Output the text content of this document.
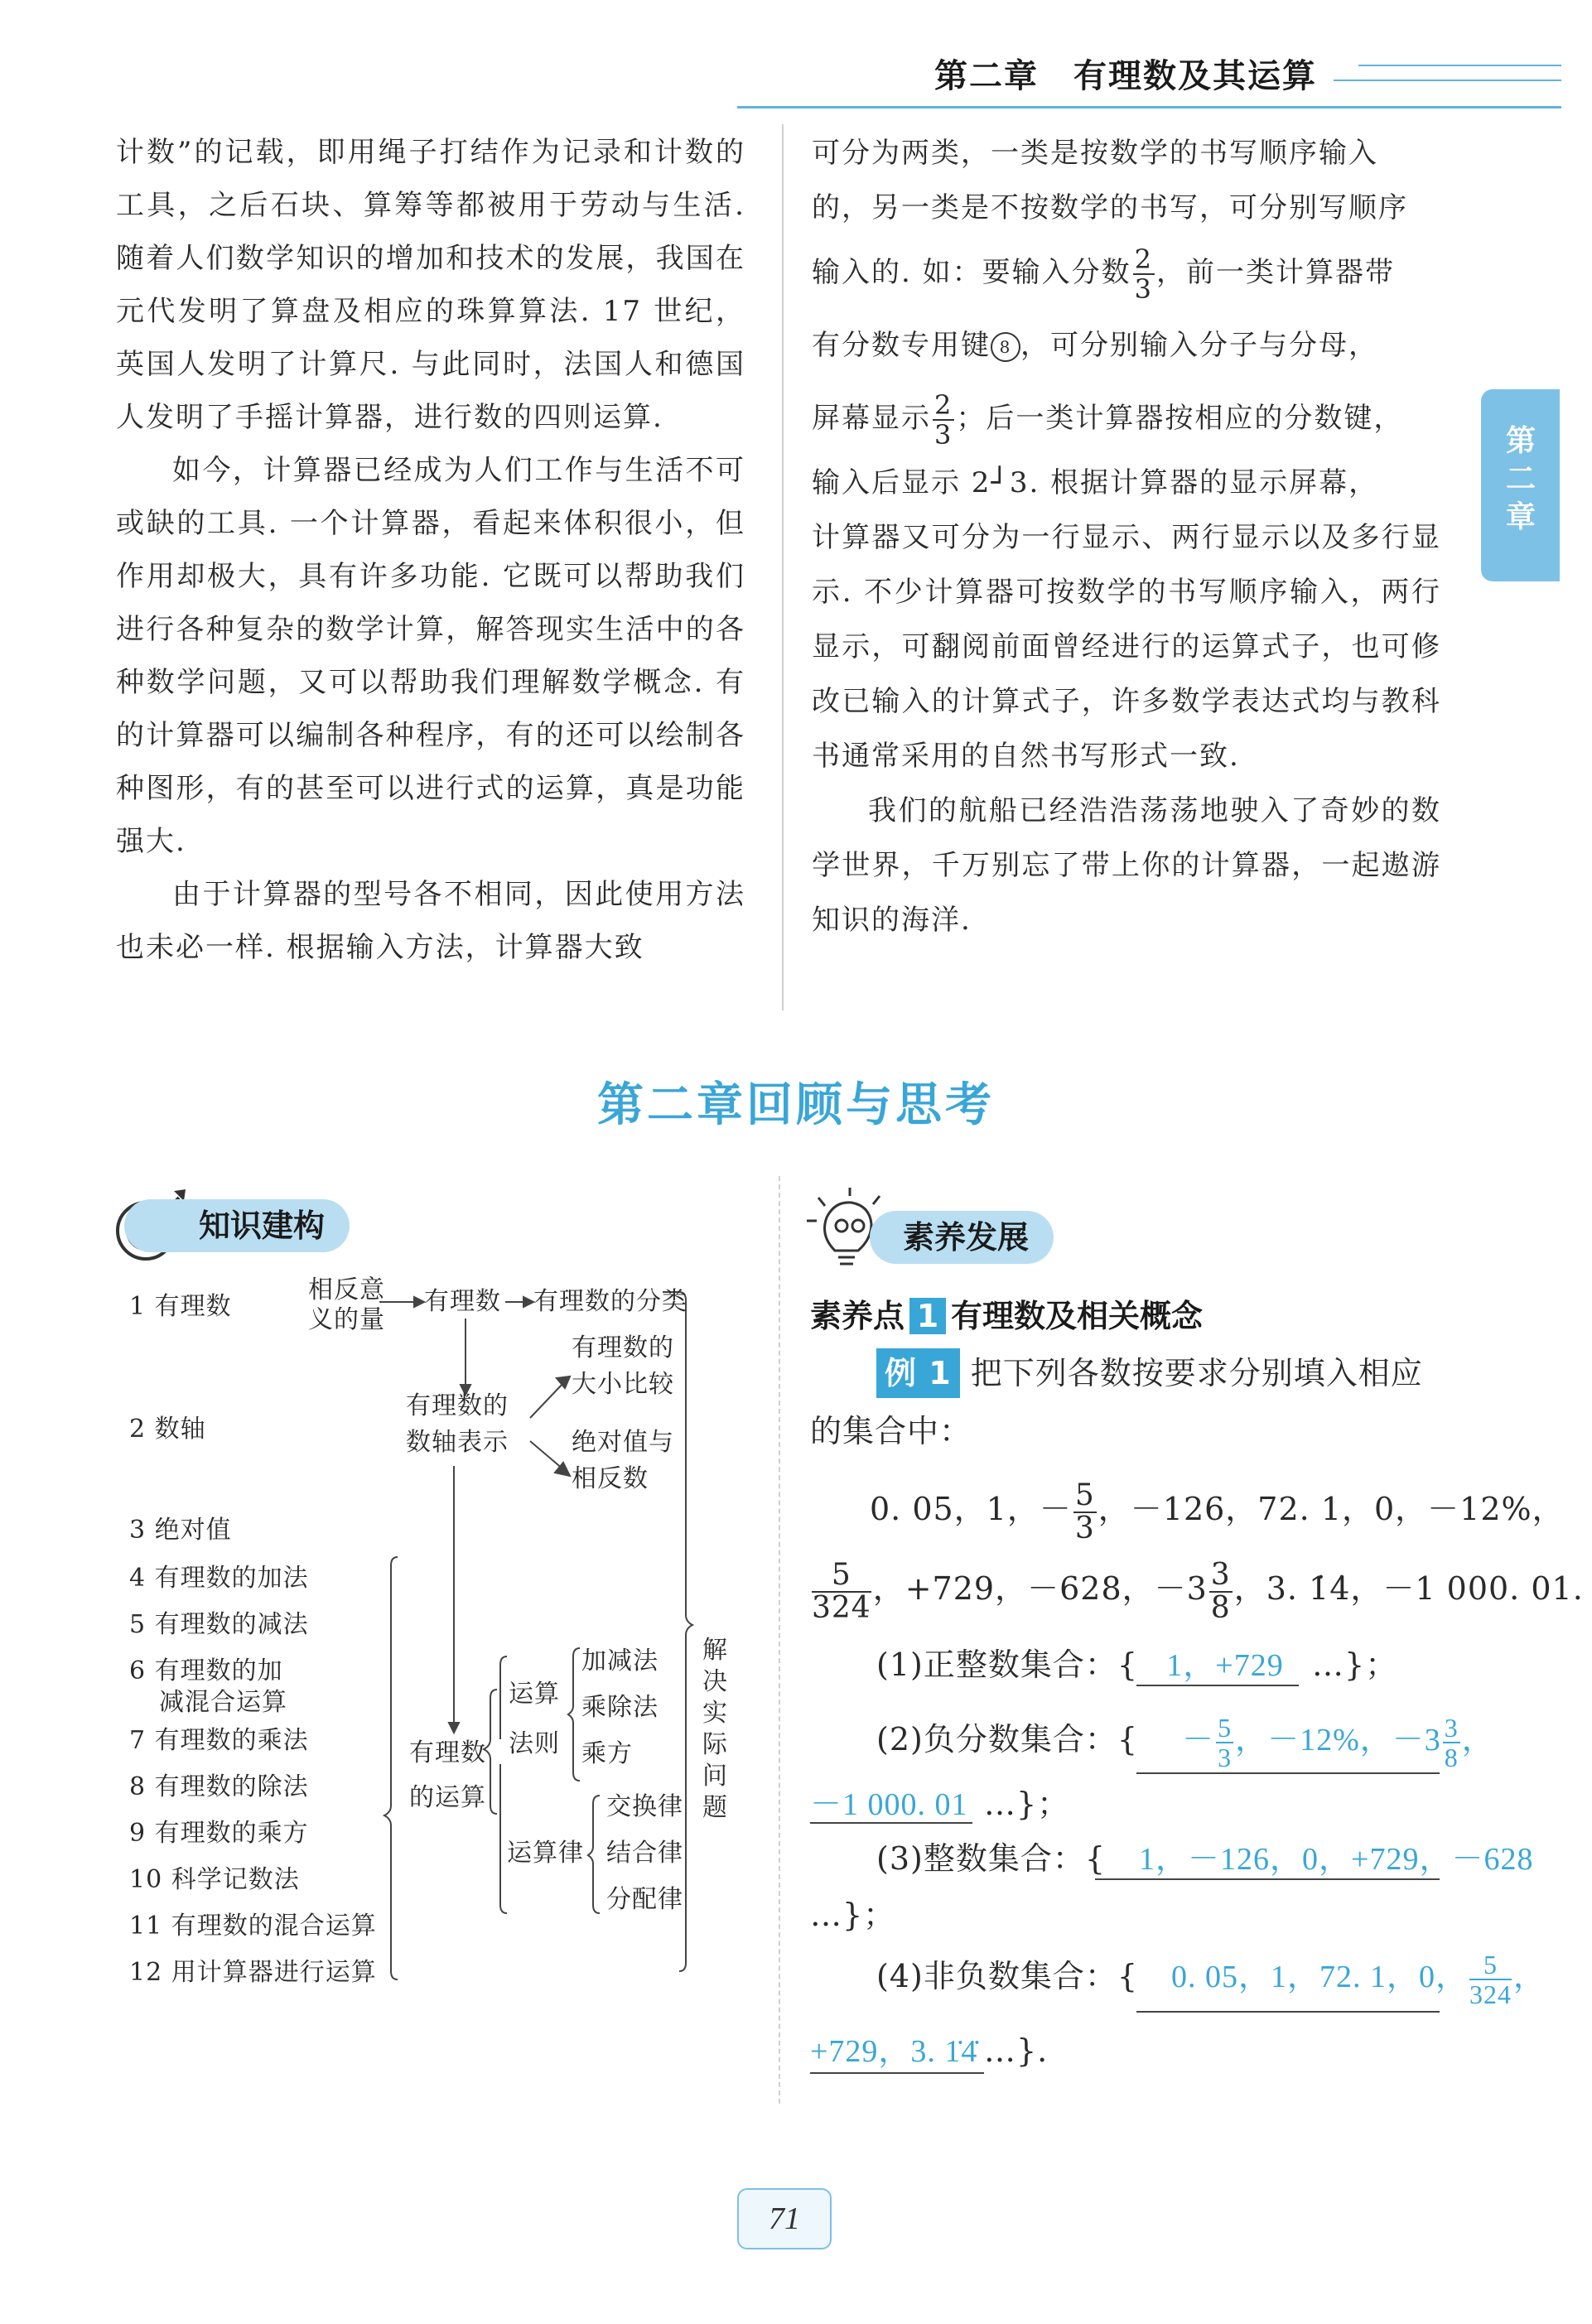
第二章　有理数及其运算
第二章

计数”的记载，即用绳子打结作为记录和计数的工具，之后石块、算筹等都被用于劳动与生活. 随着人们数学知识的增加和技术的发展，我国在元代发明了算盘及相应的珠算算法. 17 世纪，英国人发明了计算尺. 与此同时，法国人和德国人发明了手摇计算器，进行数的四则运算.

如今，计算器已经成为人们工作与生活不可或缺的工具. 一个计算器，看起来体积很小，但作用却极大，具有许多功能. 它既可以帮助我们进行各种复杂的数学计算，解答现实生活中的各种数学问题，又可以帮助我们理解数学概念. 有的计算器可以编制各种程序，有的还可以绘制各种图形，有的甚至可以进行式的运算，真是功能强大.

由于计算器的型号各不相同，因此使用方法也未必一样. 根据输入方法，计算器大致

可分为两类，一类是按数学的书写顺序输入

的，另一类是不按数学的书写，可分别写顺序

输入的. 如：要输入分数 $\frac{2}{3}$ ，前一类计算器带

有分数专用键 8 ，可分别输入分子与分母，

屏幕显示 $\frac{2}{3}$ ；后一类计算器按相应的分数键，

输入后显示 2┘3. 根据计算器的显示屏幕，

计算器又可分为一行显示、两行显示以及多行显示. 不少计算器可按数学的书写顺序输入，两行显示，可翻阅前面曾经进行的运算式子，也可修改已输入的计算式子，许多数学表达式均与教科书通常采用的自然书写形式一致.

我们的航船已经浩浩荡荡地驶入了奇妙的数学世界，千万别忘了带上你的计算器，一起遨游知识的海洋.

第二章回顾与思考
知识建构
1 有理数
2 数轴
3 绝对值
4 有理数的加法
5 有理数的减法
6 有理数的加
减混合运算
7 有理数的乘法
8 有理数的除法
9 有理数的乘方
10 科学记数法
11 有理数的混合运算
12 用计算器进行运算
相反意
义的量
有理数 有理数的分类
有理数的
数轴表示
有理数的
大小比较
绝对值与
相反数
有理数
的运算
运算
法则
加减法
乘除法
乘方
运算律
交换律
结合律
分配律
解决实际问题
素养发展
素养点 1 有理数及相关概念
例 1 把下列各数按要求分别填入相应
的集合中：
0. 05，1，－ $\frac{5}{3}$ ，－126，72. 1，0，－12%，
$\frac{5}{324}$ ，+729，－628，$-3 \frac{3}{8}$ ，3. 1̇4̇，－1 000. 01.
(1)正整数集合：{ 1，+729 …}；
(2)负分数集合：{ － $\frac{5}{3}$ ，－12%，$-3 \frac{3}{8}$ ，
－1 000. 01 …}；
(3)整数集合：{ 1，－126，0，+729，－628
…}；
(4)非负数集合：{ 0. 05，1，72. 1，0， $\frac{5}{324}$ ，
+729，3. 1̇4̇ …}.
71
